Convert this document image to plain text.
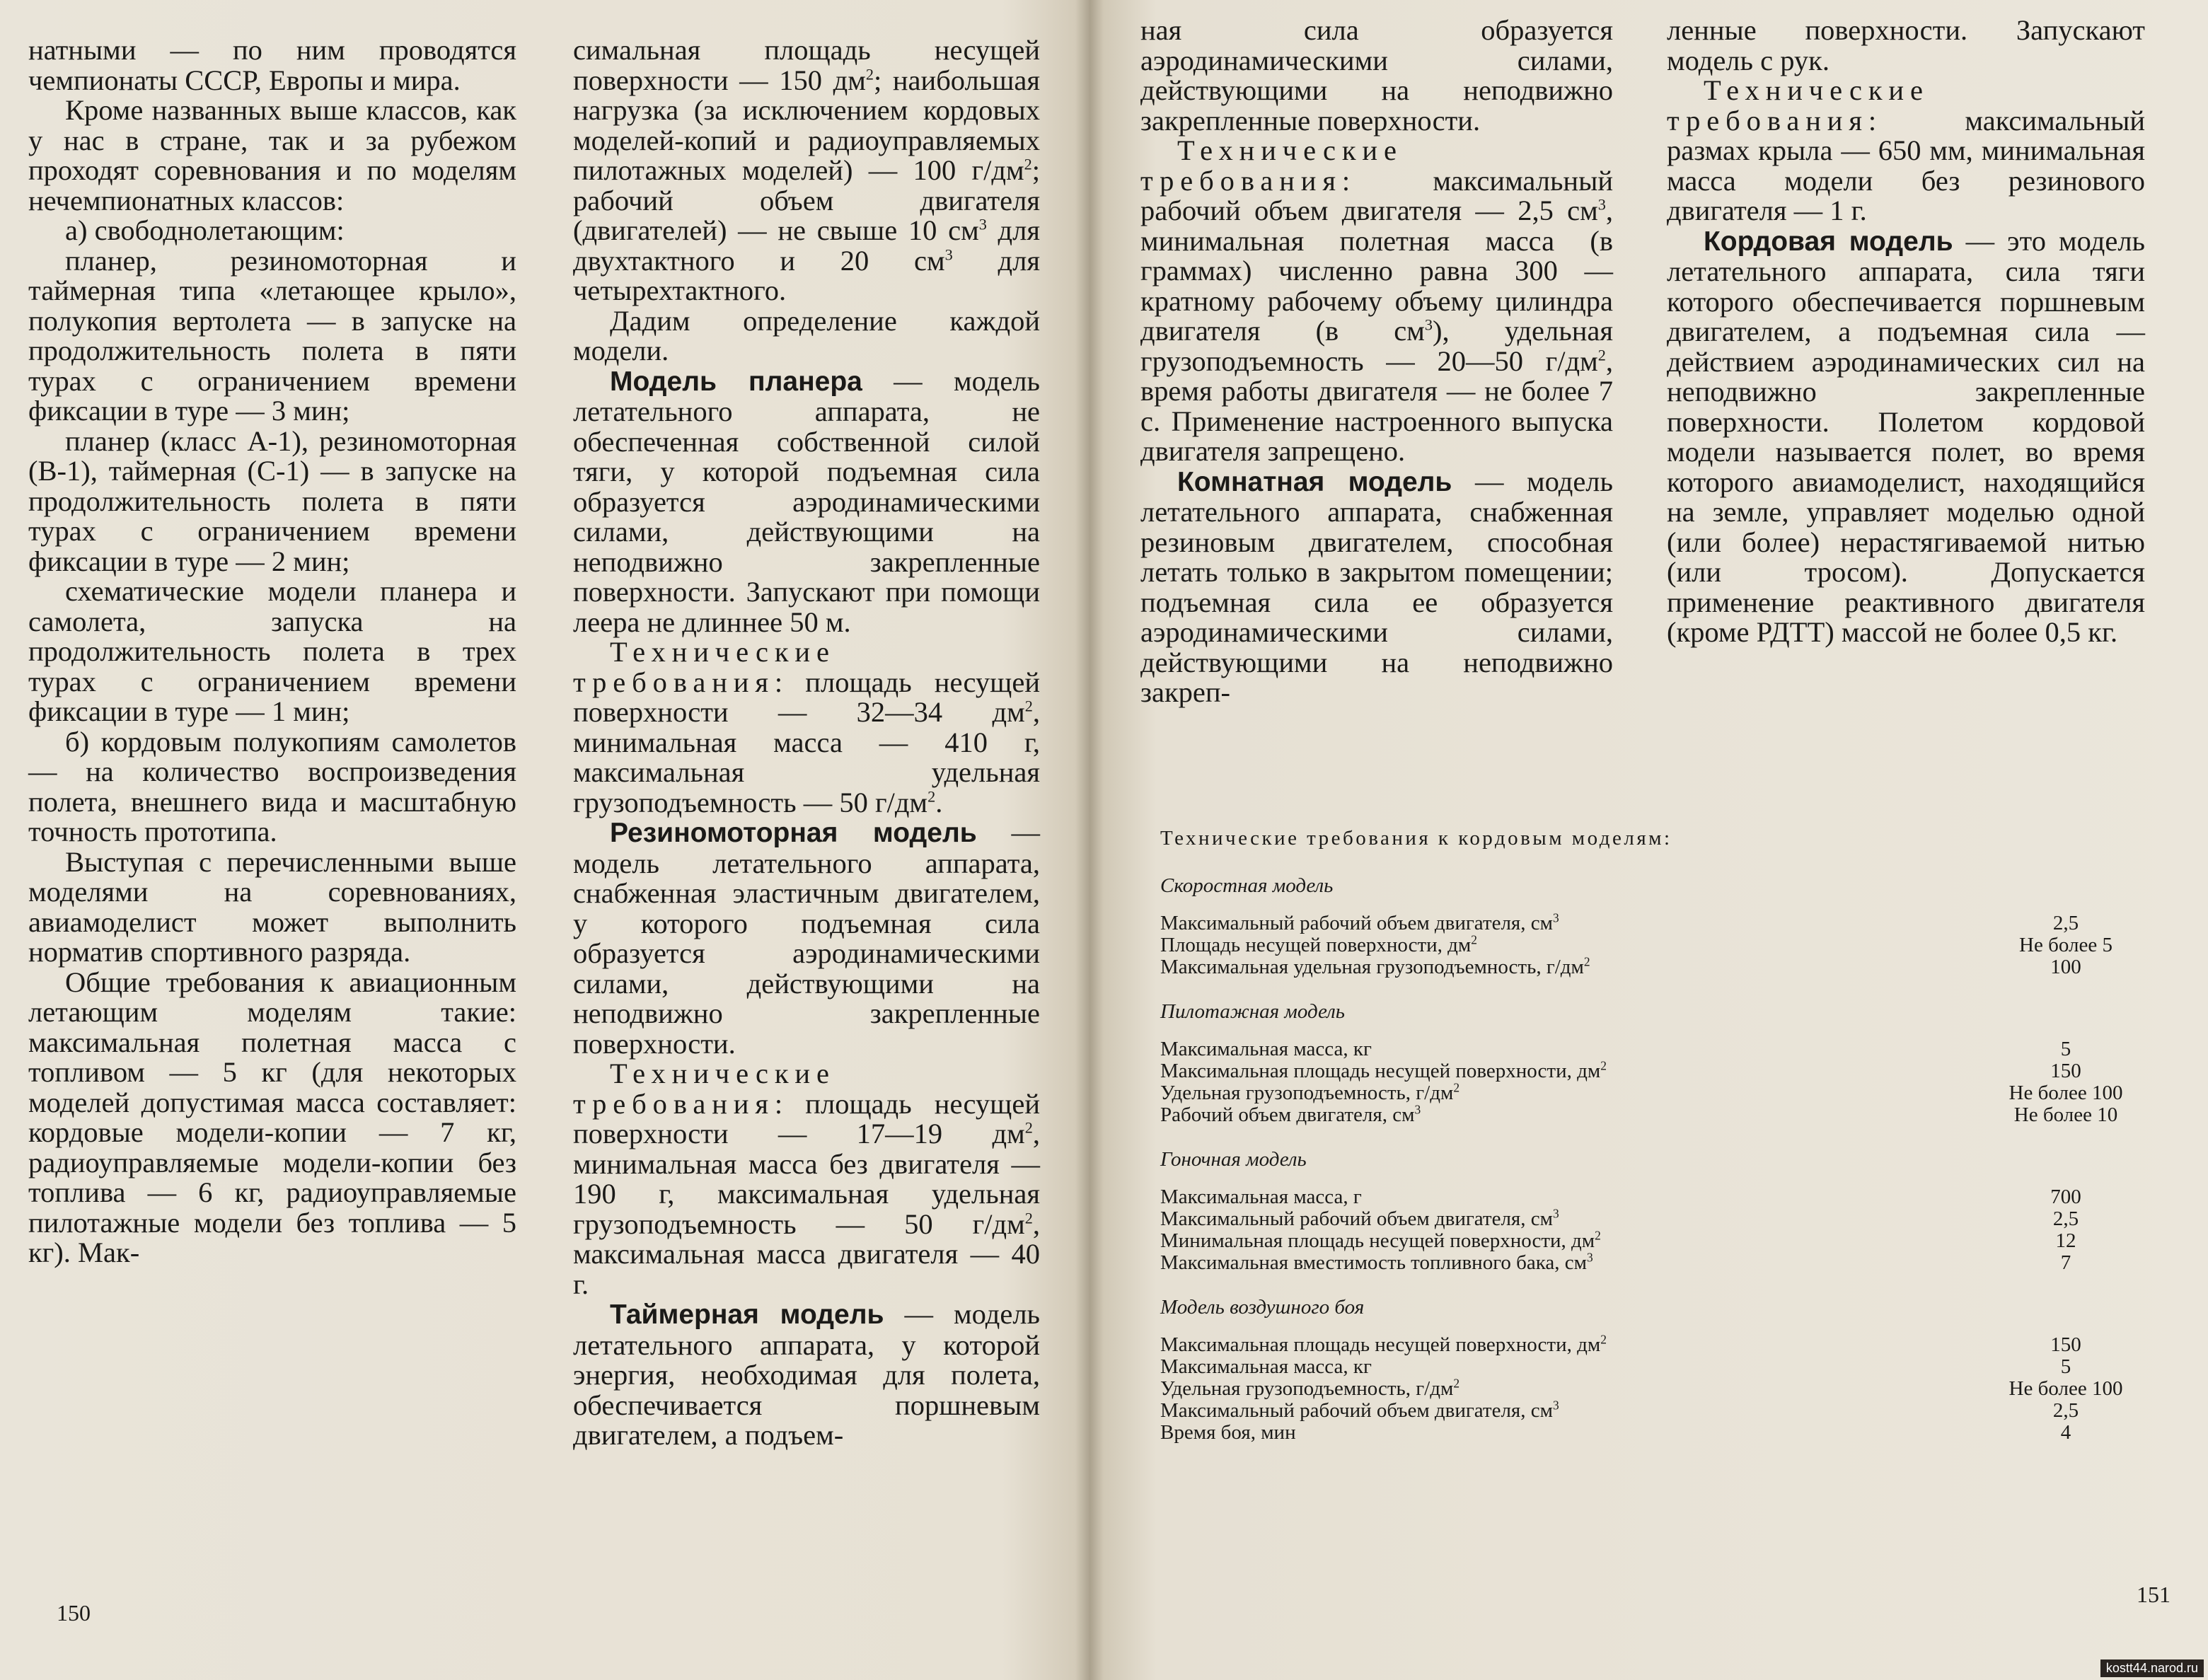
натными — по ним проводятся чемпионаты СССР, Европы и мира.

Кроме названных выше классов, как у нас в стране, так и за рубежом проходят соревнования и по моделям нечемпионатных классов:

а) свободнолетающим:

планер, резиномоторная и таймерная типа «летающее крыло», полукопия вертолета — в запуске на продолжительность полета в пяти турах с ограничением времени фиксации в туре — 3 мин;

планер (класс А-1), резиномоторная (В-1), таймерная (С-1) — в запуске на продолжительность полета в пяти турах с ограничением времени фиксации в туре — 2 мин;

схематические модели планера и самолета, запуска на продолжительность полета в трех турах с ограничением времени фиксации в туре — 1 мин;

б) кордовым полукопиям самолетов — на количество воспроизведения полета, внешнего вида и масштабную точность прототипа.

Выступая с перечисленными выше моделями на соревнованиях, авиамоделист может выполнить норматив спортивного разряда.

Общие требования к авиационным летающим моделям такие: максимальная полетная масса с топливом — 5 кг (для некоторых моделей допустимая масса составляет: кордовые модели-копии — 7 кг, радиоуправляемые модели-копии без топлива — 6 кг, радиоуправляемые пилотажные модели без топлива — 5 кг). Мак-

симальная площадь несущей поверхности — 150 $дм^2$; наибольшая нагрузка (за исключением кордовых моделей-копий и радиоуправляемых пилотажных моделей) — 100 $г/дм^2$; рабочий объем двигателя (двигателей) — не свыше 10 $см^3$ для двухтактного и 20 $см^3$ для четырехтактного.

Дадим определение каждой модели.

Модель планера — модель летательного аппарата, не обеспеченная собственной силой тяги, у которой подъемная сила образуется аэродинамическими силами, действующими на неподвижно закрепленные поверхности. Запускают при помощи леера не длиннее 50 м.

Технические требования: площадь несущей поверхности — 32—34 $дм^2$, минимальная масса — 410 г, максимальная удельная грузоподъемность — 50 $г/дм^2$.

Резиномоторная модель — модель летательного аппарата, снабженная эластичным двигателем, у которого подъемная сила образуется аэродинамическими силами, действующими на неподвижно закрепленные поверхности.

Технические требования: площадь несущей поверхности — 17—19 $дм^2$, минимальная масса без двигателя — 190 г, максимальная удельная грузоподъемность — 50 $г/дм^2$, максимальная масса двигателя — 40 г.

Таймерная модель — модель летательного аппарата, у которой энергия, необходимая для полета, обеспечивается поршневым двигателем, а подъем-

150

ная сила образуется аэродинамическими силами, действующими на неподвижно закрепленные поверхности.

Технические требования: максимальный рабочий объем двигателя — 2,5 $см^3$, минимальная полетная масса (в граммах) численно равна 300 — кратному рабочему объему цилиндра двигателя (в $см^3$), удельная грузоподъемность — 20—50 $г/дм^2$, время работы двигателя — не более 7 с. Применение настроенного выпуска двигателя запрещено.

Комнатная модель — модель летательного аппарата, снабженная резиновым двигателем, способная летать только в закрытом помещении; подъемная сила ее образуется аэродинамическими силами, действующими на неподвижно закреп-

ленные поверхности. Запускают модель с рук.

Технические требования: максимальный размах крыла — 650 мм, минимальная масса модели без резинового двигателя — 1 г.

Кордовая модель — это модель летательного аппарата, сила тяги которого обеспечивается поршневым двигателем, а подъемная сила — действием аэродинамических сил на неподвижно закрепленные поверхности. Полетом кордовой модели называется полет, во время которого авиамоделист, находящийся на земле, управляет моделью одной (или более) нерастягиваемой нитью (или тросом). Допускается применение реактивного двигателя (кроме РДТТ) массой не более 0,5 кг.

Технические требования к кордовым моделям:
Скоростная модель
Максимальный рабочий объем двигателя, $см^3$	2,5
Площадь несущей поверхности, $дм^2$	Не более 5
Максимальная удельная грузоподъемность, $г/дм^2$	100
Пилотажная модель
Максимальная масса, кг	5
Максимальная площадь несущей поверхности, $дм^2$	150
Удельная грузоподъемность, $г/дм^2$	Не более 100
Рабочий объем двигателя, $см^3$	Не более 10
Гоночная модель
Максимальная масса, г	700
Максимальный рабочий объем двигателя, $см^3$	2,5
Минимальная площадь несущей поверхности, $дм^2$	12
Максимальная вместимость топливного бака, $см^3$	7
Модель воздушного боя
Максимальная площадь несущей поверхности, $дм^2$	150
Максимальная масса, кг	5
Удельная грузоподъемность, $г/дм^2$	Не более 100
Максимальный рабочий объем двигателя, $см^3$	2,5
Время боя, мин	4
151
kostt44.narod.ru
